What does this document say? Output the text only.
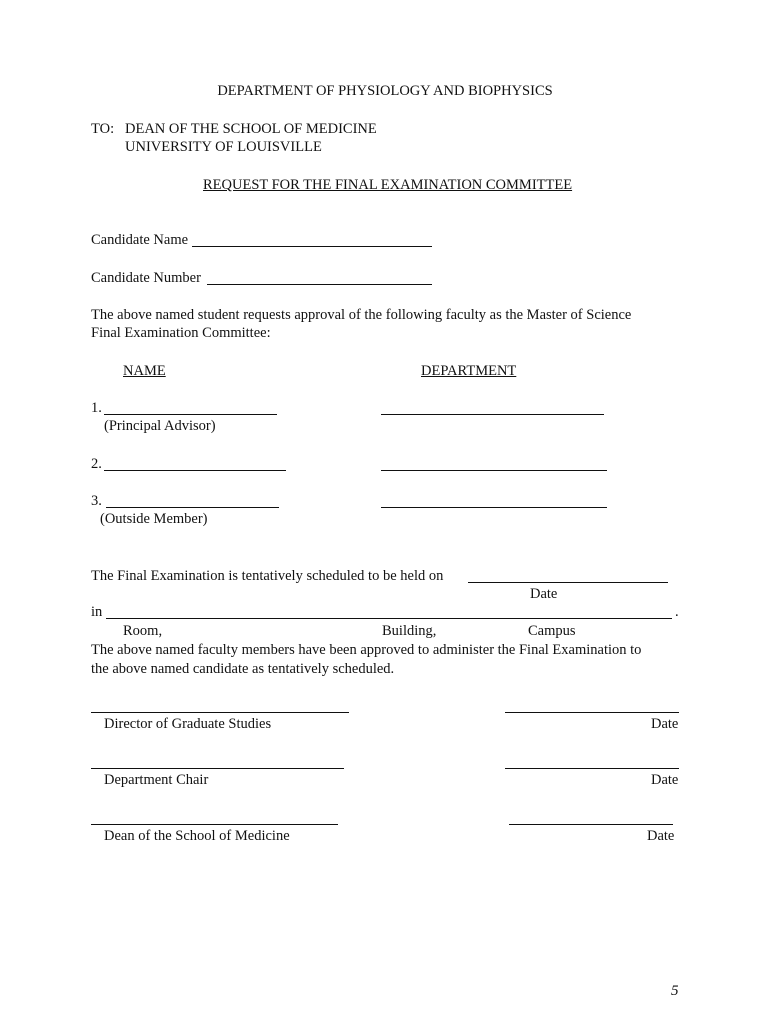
DEPARTMENT OF PHYSIOLOGY AND BIOPHYSICS
TO: DEAN OF THE SCHOOL OF MEDICINE
UNIVERSITY OF LOUISVILLE
REQUEST FOR THE FINAL EXAMINATION COMMITTEE
Candidate Name
Candidate Number
The above named student requests approval of the following faculty as the Master of Science
Final Examination Committee:
NAME	DEPARTMENT
1.
(Principal Advisor)
2.
3.
(Outside Member)
The Final Examination is tentatively scheduled to be held on
Date
in	.
Room,	Building,	Campus
The above named faculty members have been approved to administer the Final Examination to
the above named candidate as tentatively scheduled.
Director of Graduate Studies	Date
Department Chair	Date
Dean of the School of Medicine	Date
5
